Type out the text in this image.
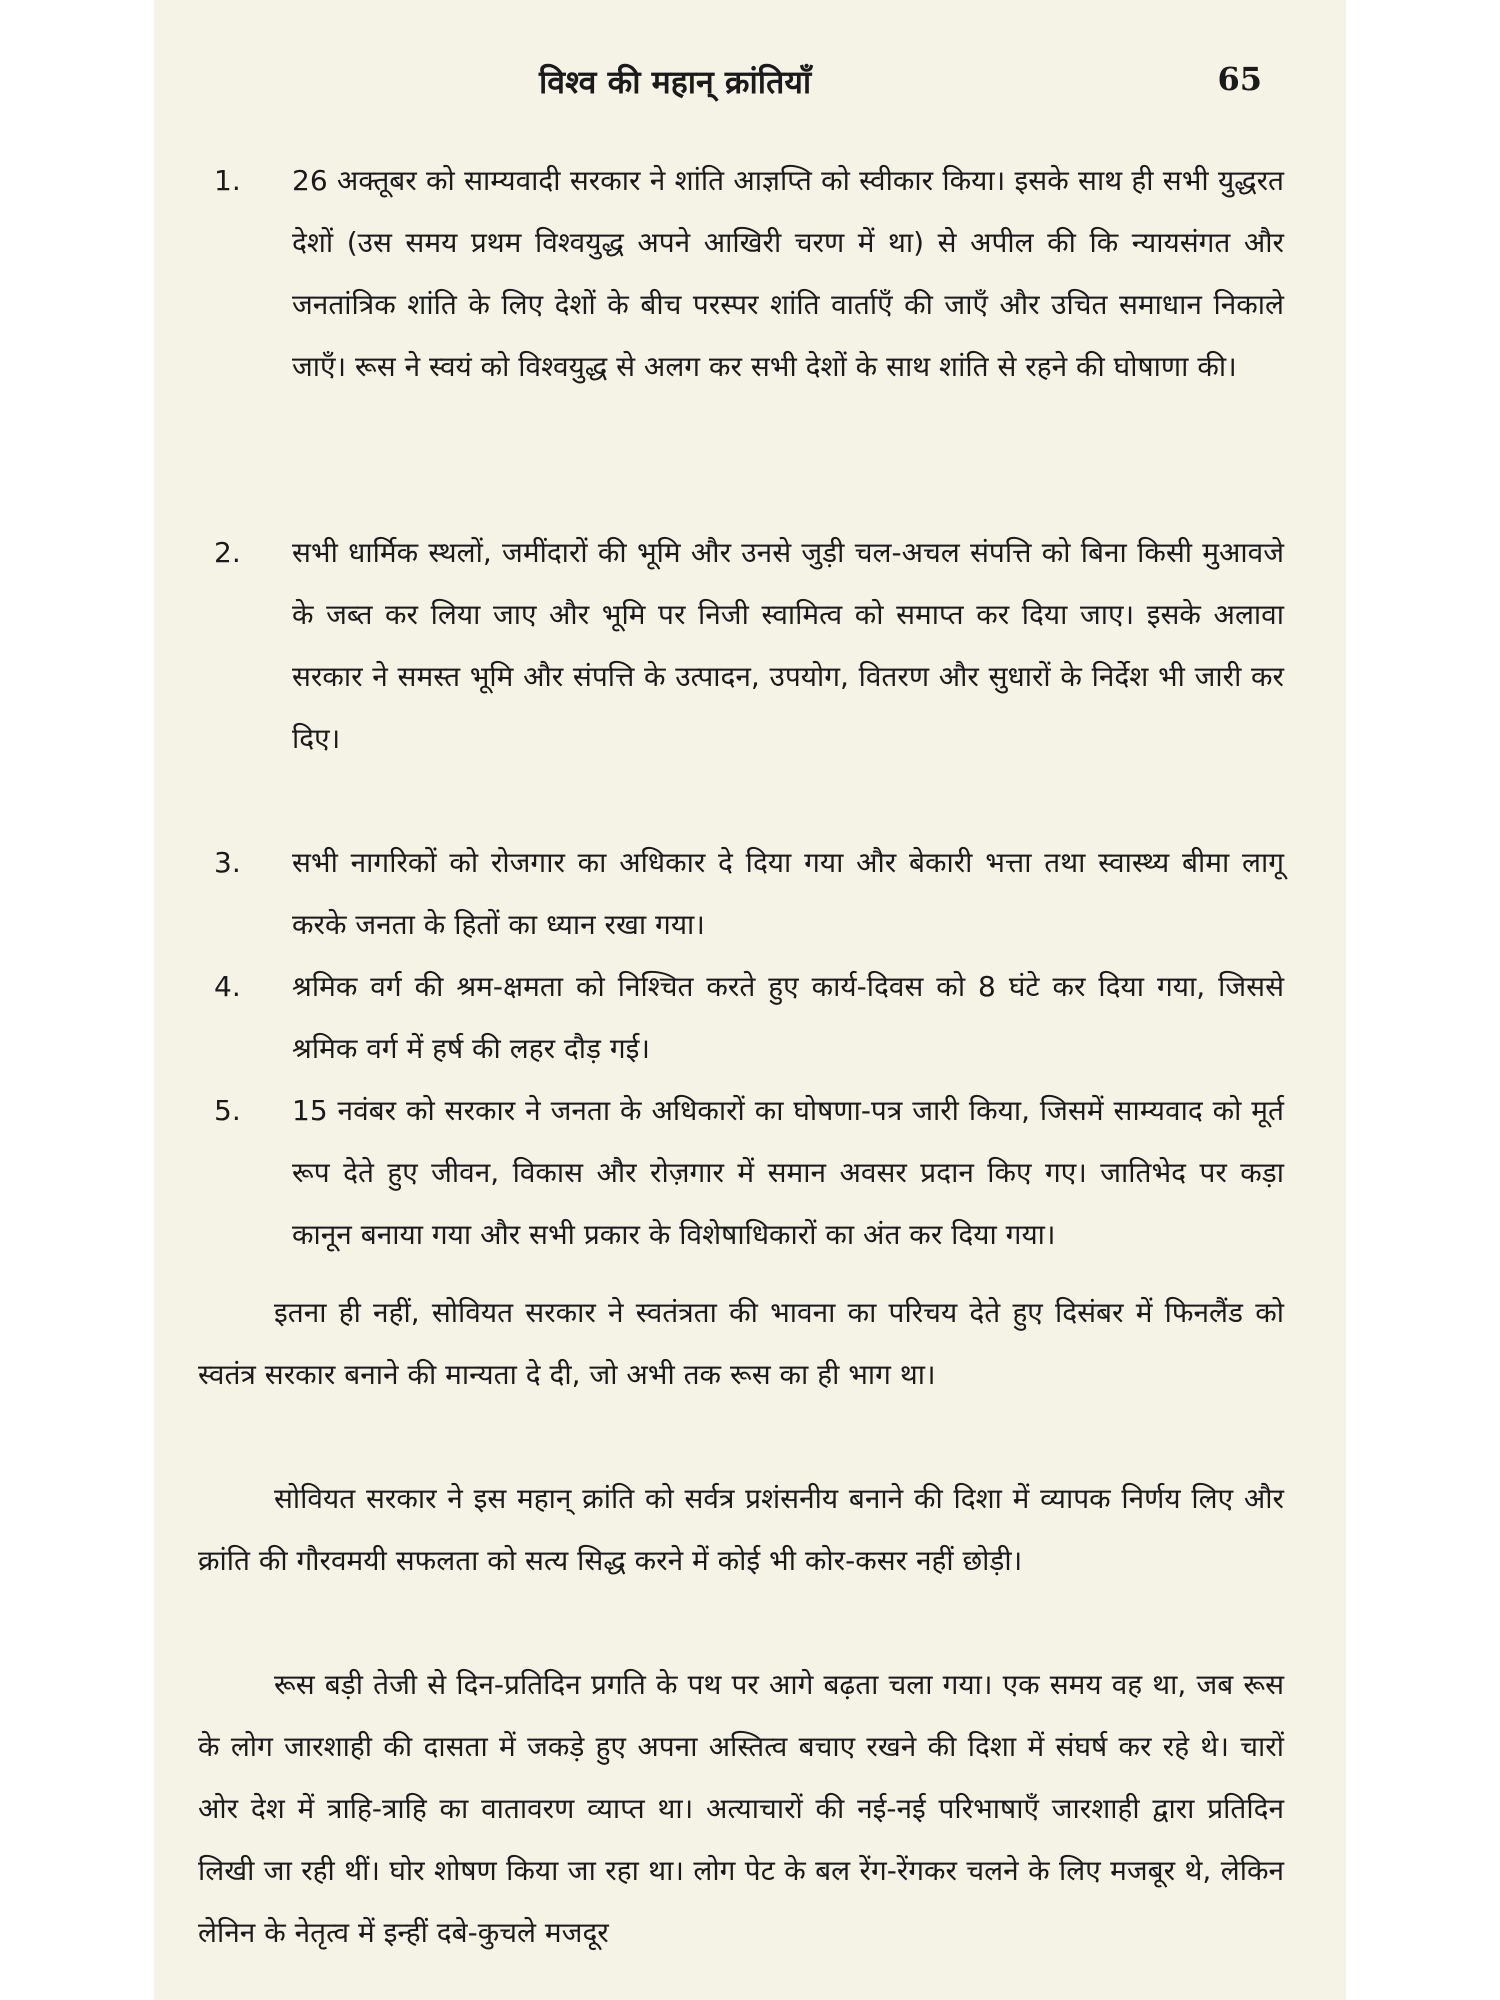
विश्व की महान् क्रांतियाँ	65
1. 26 अक्तूबर को साम्यवादी सरकार ने शांति आज्ञप्ति को स्वीकार किया। इसके साथ ही सभी युद्धरत देशों (उस समय प्रथम विश्वयुद्ध अपने आखिरी चरण में था) से अपील की कि न्यायसंगत और जनतांत्रिक शांति के लिए देशों के बीच परस्पर शांति वार्ताएँ की जाएँ और उचित समाधान निकाले जाएँ। रूस ने स्वयं को विश्वयुद्ध से अलग कर सभी देशों के साथ शांति से रहने की घोषाणा की।
2. सभी धार्मिक स्थलों, जमींदारों की भूमि और उनसे जुड़ी चल-अचल संपत्ति को बिना किसी मुआवजे के जब्त कर लिया जाए और भूमि पर निजी स्वामित्व को समाप्त कर दिया जाए। इसके अलावा सरकार ने समस्त भूमि और संपत्ति के उत्पादन, उपयोग, वितरण और सुधारों के निर्देश भी जारी कर दिए।
3. सभी नागरिकों को रोजगार का अधिकार दे दिया गया और बेकारी भत्ता तथा स्वास्थ्य बीमा लागू करके जनता के हितों का ध्यान रखा गया।
4. श्रमिक वर्ग की श्रम-क्षमता को निश्चित करते हुए कार्य-दिवस को 8 घंटे कर दिया गया, जिससे श्रमिक वर्ग में हर्ष की लहर दौड़ गई।
5. 15 नवंबर को सरकार ने जनता के अधिकारों का घोषणा-पत्र जारी किया, जिसमें साम्यवाद को मूर्त रूप देते हुए जीवन, विकास और रोज़गार में समान अवसर प्रदान किए गए। जातिभेद पर कड़ा कानून बनाया गया और सभी प्रकार के विशेषाधिकारों का अंत कर दिया गया।

इतना ही नहीं, सोवियत सरकार ने स्वतंत्रता की भावना का परिचय देते हुए दिसंबर में फिनलैंड को स्वतंत्र सरकार बनाने की मान्यता दे दी, जो अभी तक रूस का ही भाग था।

सोवियत सरकार ने इस महान् क्रांति को सर्वत्र प्रशंसनीय बनाने की दिशा में व्यापक निर्णय लिए और क्रांति की गौरवमयी सफलता को सत्य सिद्ध करने में कोई भी कोर-कसर नहीं छोड़ी।

रूस बड़ी तेजी से दिन-प्रतिदिन प्रगति के पथ पर आगे बढ़ता चला गया। एक समय वह था, जब रूस के लोग जारशाही की दासता में जकड़े हुए अपना अस्तित्व बचाए रखने की दिशा में संघर्ष कर रहे थे। चारों ओर देश में त्राहि-त्राहि का वातावरण व्याप्त था। अत्याचारों की नई-नई परिभाषाएँ जारशाही द्वारा प्रतिदिन लिखी जा रही थीं। घोर शोषण किया जा रहा था। लोग पेट के बल रेंग-रेंगकर चलने के लिए मजबूर थे, लेकिन लेनिन के नेतृत्व में इन्हीं दबे-कुचले मजदूर
